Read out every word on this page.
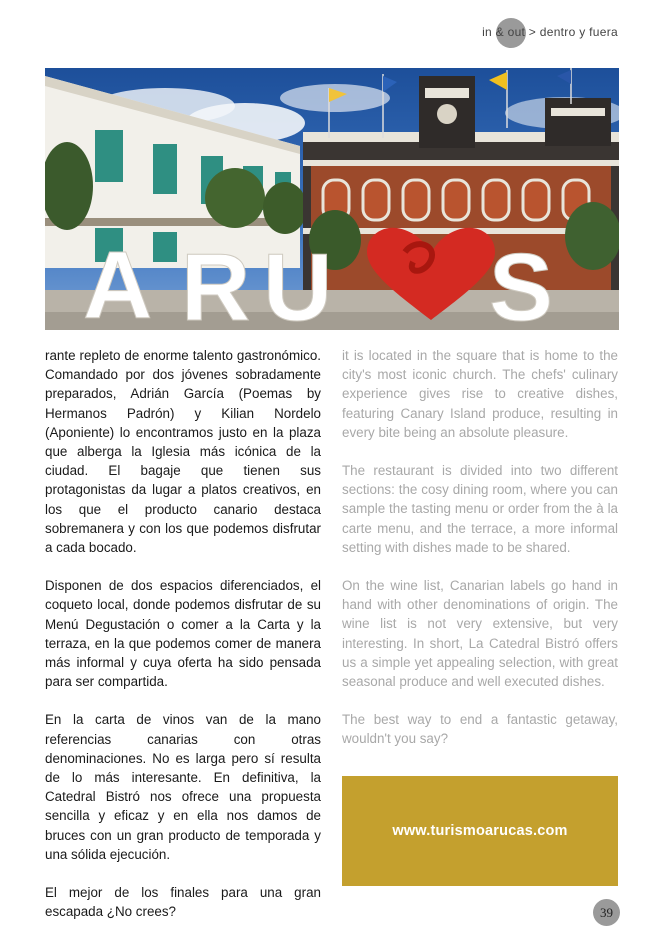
in & out > dentro y fuera
A R U S

rante repleto de enorme talento gastronómico. Comandado por dos jóvenes sobradamente preparados, Adrián García (Poemas by Hermanos Padrón) y Kilian Nordelo (Aponiente) lo encontramos justo en la plaza que alberga la Iglesia más icónica de la ciudad. El bagaje que tienen sus protagonistas da lugar a platos creativos, en los que el producto canario destaca sobremanera y con los que podemos disfrutar a cada bocado.

Disponen de dos espacios diferenciados, el coqueto local, donde podemos disfrutar de su Menú Degustación o comer a la Carta y la terraza, en la que podemos comer de manera más informal y cuya oferta ha sido pensada para ser compartida.

En la carta de vinos van de la mano referencias canarias con otras denominaciones. No es larga pero sí resulta de lo más interesante. En definitiva, la Catedral Bistró nos ofrece una propuesta sencilla y eficaz y en ella nos damos de bruces con un gran producto de temporada y una sólida ejecución.

El mejor de los finales para una gran escapada ¿No crees?

it is located in the square that is home to the city's most iconic church. The chefs' culinary experience gives rise to creative dishes, featuring Canary Island produce, resulting in every bite being an absolute pleasure.

The restaurant is divided into two different sections: the cosy dining room, where you can sample the tasting menu or order from the à la carte menu, and the terrace, a more informal setting with dishes made to be shared.

On the wine list, Canarian labels go hand in hand with other denominations of origin. The wine list is not very extensive, but very interesting. In short, La Catedral Bistró offers us a simple yet appealing selection, with great seasonal produce and well executed dishes.

The best way to end a fantastic getaway, wouldn't you say?

www.turismoarucas.com
39
